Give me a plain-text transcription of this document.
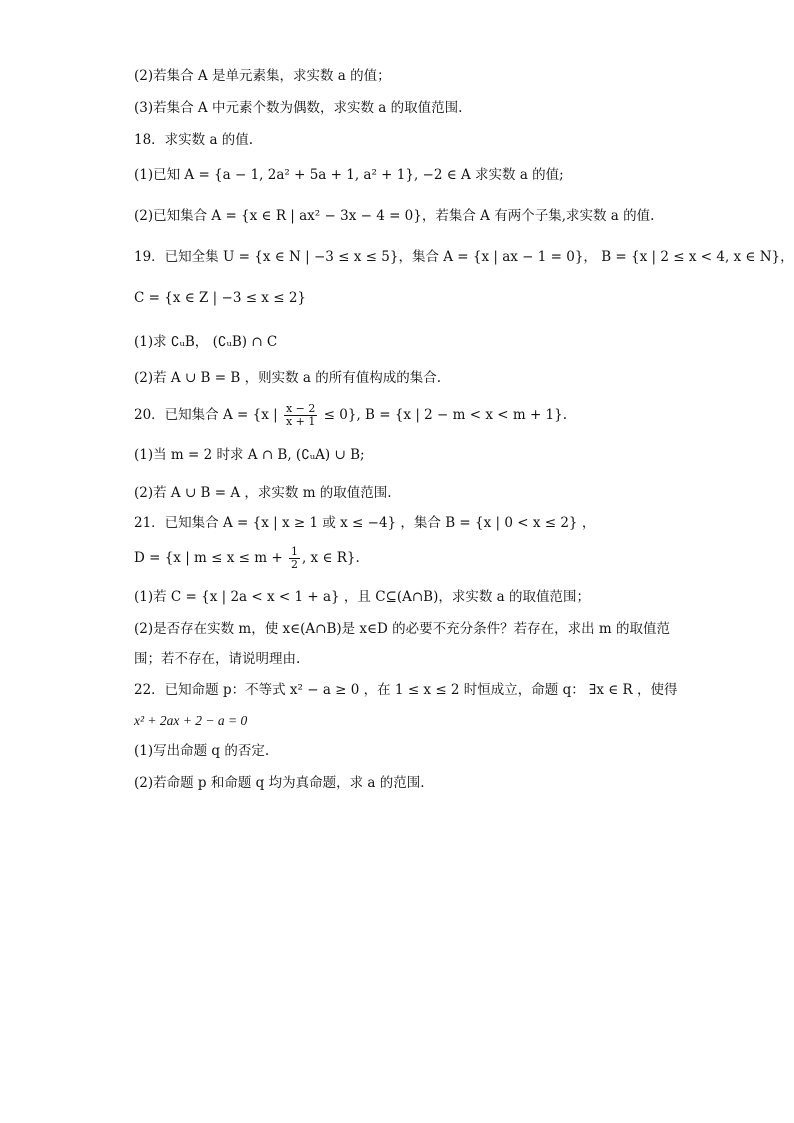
(2)若集合 A 是单元素集，求实数 a 的值；
(3)若集合 A 中元素个数为偶数，求实数 a 的取值范围.
18．求实数 a 的值.
(1)已知 A = {a − 1, 2a² + 5a + 1, a² + 1}, −2 ∈ A 求实数 a 的值;
(2)已知集合 A = {x ∈ R | ax² − 3x − 4 = 0}，若集合 A 有两个子集,求实数 a 的值.
19．已知全集 U = {x ∈ N | −3 ≤ x ≤ 5}，集合 A = {x | ax − 1 = 0}， B = {x | 2 ≤ x < 4, x ∈ N}，
C = {x ∈ Z | −3 ≤ x ≤ 2}
(1)求 ∁ᵤB， (∁ᵤB) ∩ C
(2)若 A ∪ B = B ，则实数 a 的所有值构成的集合.
20．已知集合 A = {x | $\frac{x - 2}{x + 1} \le 0$}, B = {x | 2 − m < x < m + 1}.
(1)当 m = 2 时求 A ∩ B, (∁ᵤA) ∪ B;
(2)若 A ∪ B = A ，求实数 m 的取值范围.
21．已知集合 A = {x | x ≥ 1 或 x ≤ −4} ，集合 B = {x | 0 < x ≤ 2} ，
D = {x | $m \le x \le m + \frac{1}{2}$ , x ∈ R}.
(1)若 C = {x | 2a < x < 1 + a} ，且 C⊆(A∩B)，求实数 a 的取值范围；
(2)是否存在实数 m，使 x∈(A∩B)是 x∈D 的必要不充分条件？若存在，求出 m 的取值范
围；若不存在，请说明理由.
22．已知命题 p：不等式 x² − a ≥ 0 ，在 1 ≤ x ≤ 2 时恒成立，命题 q： ∃x ∈ R ，使得
x² + 2ax + 2 − a = 0
(1)写出命题 q 的否定.
(2)若命题 p 和命题 q 均为真命题，求 a 的范围.
